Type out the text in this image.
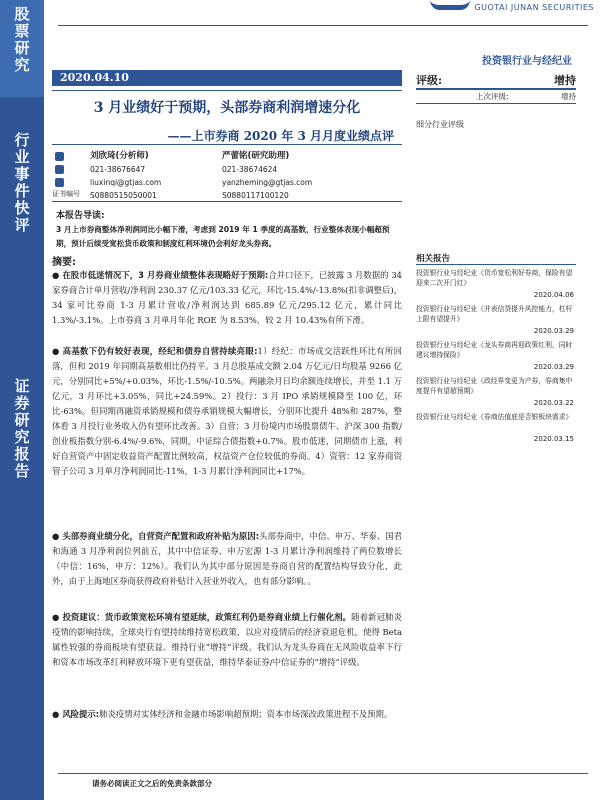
股
票
研
究
行
业
事
件
快
评
证
券
研
究
报
告
GUOTAI JUNAN SECURITIES
投资银行业与经纪业
2020.04.10
3 月业绩好于预期，头部券商利润增速分化
——上市券商 2020 年 3 月月度业绩点评
刘欣琦(分析师)
021-38676647
liuxinqi@gtjas.com
S0880515050001
严蕾铭(研究助理)
021-38674624
yanzheming@gtjas.com
S0880117100120
证书编号
评级:	增持
上次评级:	增持
细分行业评级
相关报告
投资银行业与经纪业《货币宽松利好券商，保险有望迎来二次开门红》
2020.04.06
投资银行业与经纪业《并表信贷提升风控能力，杠杆上限有望提升》
2020.03.29
投资银行业与经纪业《龙头券商再迎政策红利，同时建议增持保险》
2020.03.29
投资银行业与经纪业《政经界变更为产券，券商集中度提升有望超预期》
2020.03.22
投资银行业与经纪业《券商估值底是否银板块需求》
2020.03.15
本报告导读:
3 月上市券商整体净利润同比小幅下滑，考虑到 2019 年 1 季度的高基数，行业整体表现小幅超预期，预计后续受宽松货币政策和制度红利环境仍会利好龙头券商。
摘要:
● 在股市低迷情况下，3 月券商业绩整体表现略好于预期:合并口径下，已披露 3 月数据的 34 家券商合计单月营收/净利润 230.37 亿元/103.33 亿元，环比-15.4%/-13.8%(扣非调整后)，34 家可比券商 1-3 月累计营收/净利润达到 685.89 亿元/295.12 亿元，累计同比 1.3%/-3.1%。上市券商 3 月单月年化 ROE 为 8.53%，较 2 月 10.43%有所下滑。
● 高基数下仍有较好表现，经纪和债券自营持续亮眼:1）经纪：市场成交活跃性环比有所回落，但和 2019 年同期高基数相比仍持平。3 月总股基成交额 2.04 万亿元/日均股基 9266 亿元，分别同比+5%/+0.03%，环比-1.5%/-10.5%。两融余月日均余额连续增长，并至 1.1 万亿元，3 月环比+3.05%，同比+24.59%。2）投行：3 月 IPO 承销规模降至 100 亿，环比-63%。但同期再融资承销规模和债券承销规模大幅增长，分别环比提升 48%和 287%，整体看 3 月投行业务收入仍有望环比改善。3）自营：3 月份境内市场股票债牛、沪深 300 指数/创业板指数分别-6.4%/-9.6%，同期，中证综合债指数+0.7%。股市低迷，同期债市上涨，利好自营资产中固定收益资产配置比例较高，权益资产仓位较低的券商。4）资管：12 家券商资管子公司 3 月单月净利润同比-11%，1-3 月累计净利润同比+17%。
● 头部券商业绩分化，自营资产配置和政府补贴为原因:头部券商中，中信、申万、华泰、国君和海通 3 月净利润位列前五，其中中信证券、申万宏源 1-3 月累计净利润维持了两位数增长（中信：16%，申万：12%）。我们认为其中部分原因是券商自营的配置结构导致分化，此外，由于上海地区券商获得政府补贴计入营业外收入，也有部分影响。。
● 投资建议：货币政策宽松环境有望延续，政策红利仍是券商业绩上行催化剂。随着新冠肺炎疫情的影响持续，全球央行有望持续维持宽松政策，以应对疫情后的经济衰退危机，使得 Beta 属性较强的券商板块有望获益。维持行业“增持”评级。我们认为龙头券商在无风险收益率下行和资本市场改革红利释放环境下更有望获益，维持华泰证券/中信证券的“增持”评级。
● 风险提示:肺炎疫情对实体经济和金融市场影响超预期；资本市场深改政策进程不及预期。
请务必阅读正文之后的免责条款部分
